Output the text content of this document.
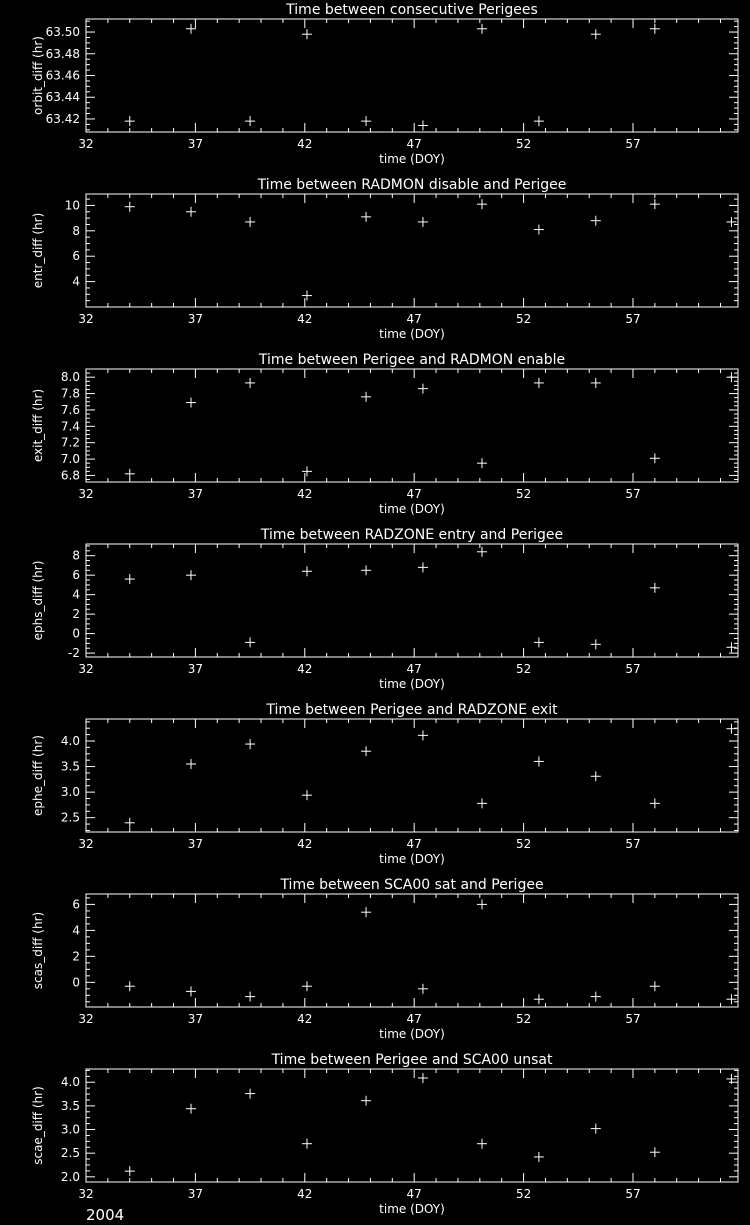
Time between consecutive Perigees
time (DOY)
orbit_diff (hr)
32	37	42	47	52	57
63.42
63.44
63.46
63.48
63.50
Time between RADMON disable and Perigee
time (DOY)
entr_diff (hr)
32	37	42	47	52	57
4
6
8
10
Time between Perigee and RADMON enable
time (DOY)
exit_diff (hr)
32	37	42	47	52	57
6.8
7.0
7.2
7.4
7.6
7.8
8.0
Time between RADZONE entry and Perigee
time (DOY)
ephs_diff (hr)
32	37	42	47	52	57
-2
0
2
4
6
8
Time between Perigee and RADZONE exit
time (DOY)
ephe_diff (hr)
32	37	42	47	52	57
2.5
3.0
3.5
4.0
Time between SCA00 sat and Perigee
time (DOY)
scas_diff (hr)
32	37	42	47	52	57
0
2
4
6
Time between Perigee and SCA00 unsat
time (DOY)
scae_diff (hr)
32	37	42	47	52	57
2.0
2.5
3.0
3.5
4.0
2004
